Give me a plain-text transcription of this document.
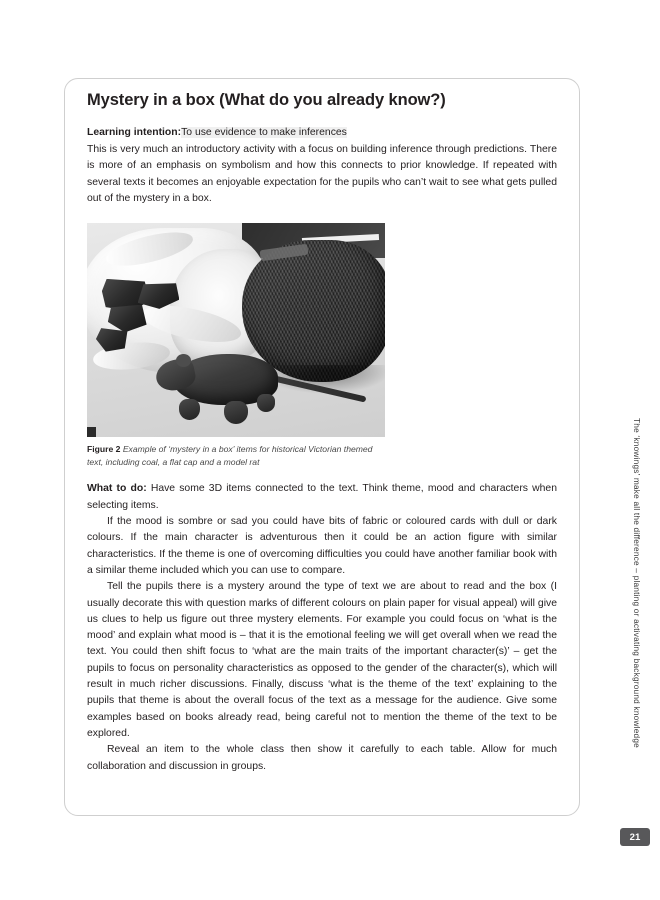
Mystery in a box (What do you already know?)
Learning intention:To use evidence to make inferences

This is very much an introductory activity with a focus on building inference through predictions. There is more of an emphasis on symbolism and how this connects to prior knowledge. If repeated with several texts it becomes an enjoyable expectation for the pupils who can’t wait to see what gets pulled out of the mystery in a box.

Figure 2 Example of ‘mystery in a box’ items for historical Victorian themed text, including coal, a flat cap and a model rat

What to do: Have some 3D items connected to the text. Think theme, mood and characters when selecting items.

If the mood is sombre or sad you could have bits of fabric or coloured cards with dull or dark colours. If the main character is adventurous then it could be an action figure with similar characteristics. If the theme is one of overcoming difficulties you could have another familiar book with a similar theme included which you can use to compare.

Tell the pupils there is a mystery around the type of text we are about to read and the box (I usually decorate this with question marks of different colours on plain paper for visual appeal) will give us clues to help us figure out three mystery elements. For example you could focus on ‘what is the mood’ and explain what mood is – that it is the emotional feeling we will get overall when we read the text. You could then shift focus to ‘what are the main traits of the important character(s)’ – get the pupils to focus on personality characteristics as opposed to the gender of the character(s), which will result in much richer discussions. Finally, discuss ‘what is the theme of the text’ explaining to the pupils that theme is about the overall focus of the text as a message for the audience. Give some examples based on books already read, being careful not to mention the theme of the text to be explored.

Reveal an item to the whole class then show it carefully to each table. Allow for much collaboration and discussion in groups.

The ‘knowings’ make all the difference – planting or activating background knowledge
21
